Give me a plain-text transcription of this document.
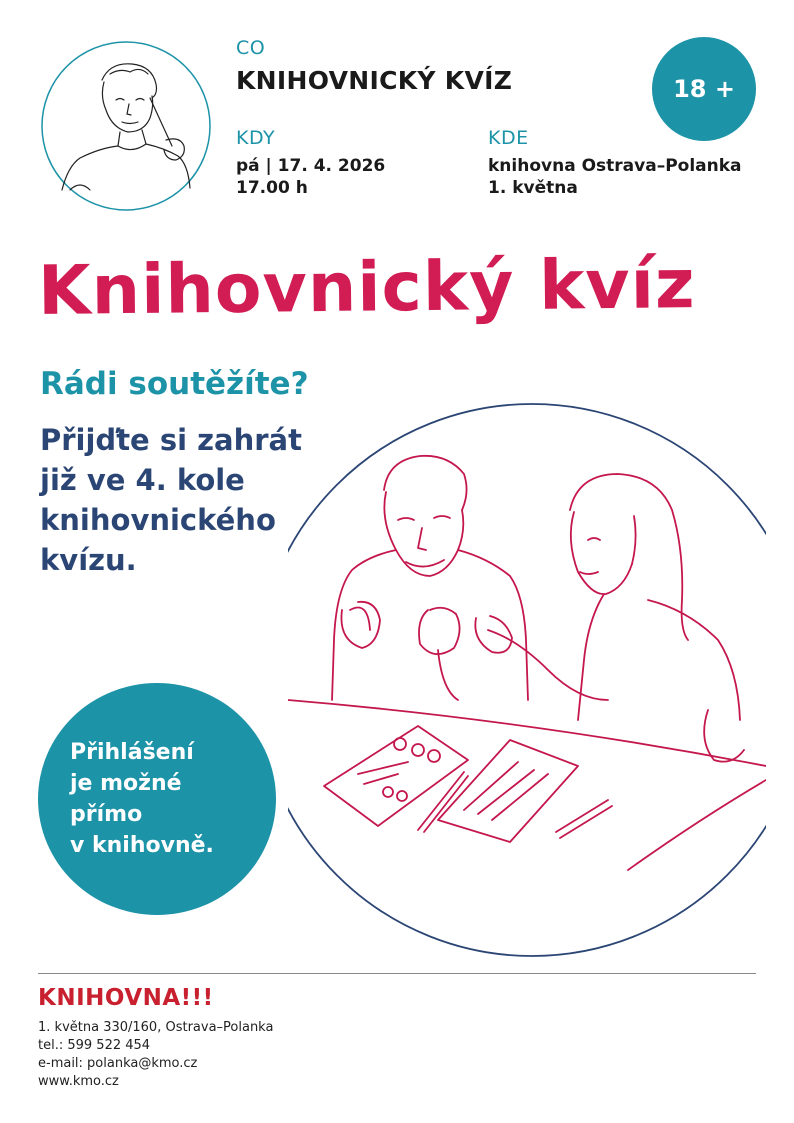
CO
KNIHOVNICKÝ KVÍZ
KDY
pá | 17. 4. 2026
17.00 h
KDE
knihovna Ostrava–Polanka
1. května
18 +
Knihovnický kvíz
Rádi soutěžíte?
Přijďte si zahrát
již ve 4. kole
knihovnického
kvízu.
Přihlášení
je možné
přímo
v knihovně.
KNIHOVNA!!!
1. května 330/160, Ostrava–Polanka
tel.: 599 522 454
e-mail: polanka@kmo.cz
www.kmo.cz
